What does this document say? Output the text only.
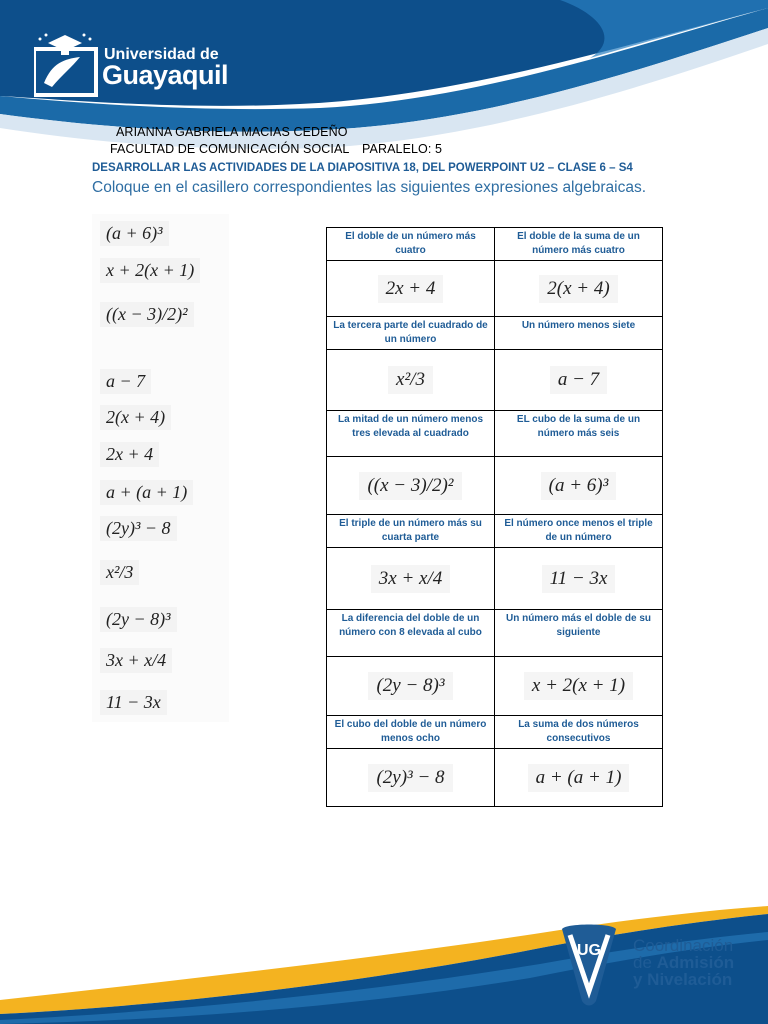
Universidad de
Guayaquil
ARIANNA GABRIELA MACIAS CEDEÑO
FACULTAD DE COMUNICACIÓN SOCIAL PARALELO: 5
DESARROLLAR LAS ACTIVIDADES DE LA DIAPOSITIVA 18, DEL POWERPOINT U2 – CLASE 6 – S4
Coloque en el casillero correspondientes las siguientes expresiones algebraicas.
(a + 6)³
x + 2(x + 1)
((x − 3)/2)²
a − 7
2(x + 4)
2x + 4
a + (a + 1)
(2y)³ − 8
x²/3
(2y − 8)³
3x + x/4
11 − 3x
El doble de un número más cuatro	El doble de la suma de un número más cuatro
2x + 4	2(x + 4)
La tercera parte del cuadrado de un número	Un número menos siete
x²/3	a − 7
La mitad de un número menos tres elevada al cuadrado	EL cubo de la suma de un número más seis
((x − 3)/2)²	(a + 6)³
El triple de un número más su cuarta parte	El número once menos el triple de un número
3x + x/4	11 − 3x
La diferencia del doble de un número con 8 elevada al cubo	Un número más el doble de su siguiente
(2y − 8)³	x + 2(x + 1)
El cubo del doble de un número menos ocho	La suma de dos números consecutivos
(2y)³ − 8	a + (a + 1)
UG Coordinación
de Admisión
y Nivelación
